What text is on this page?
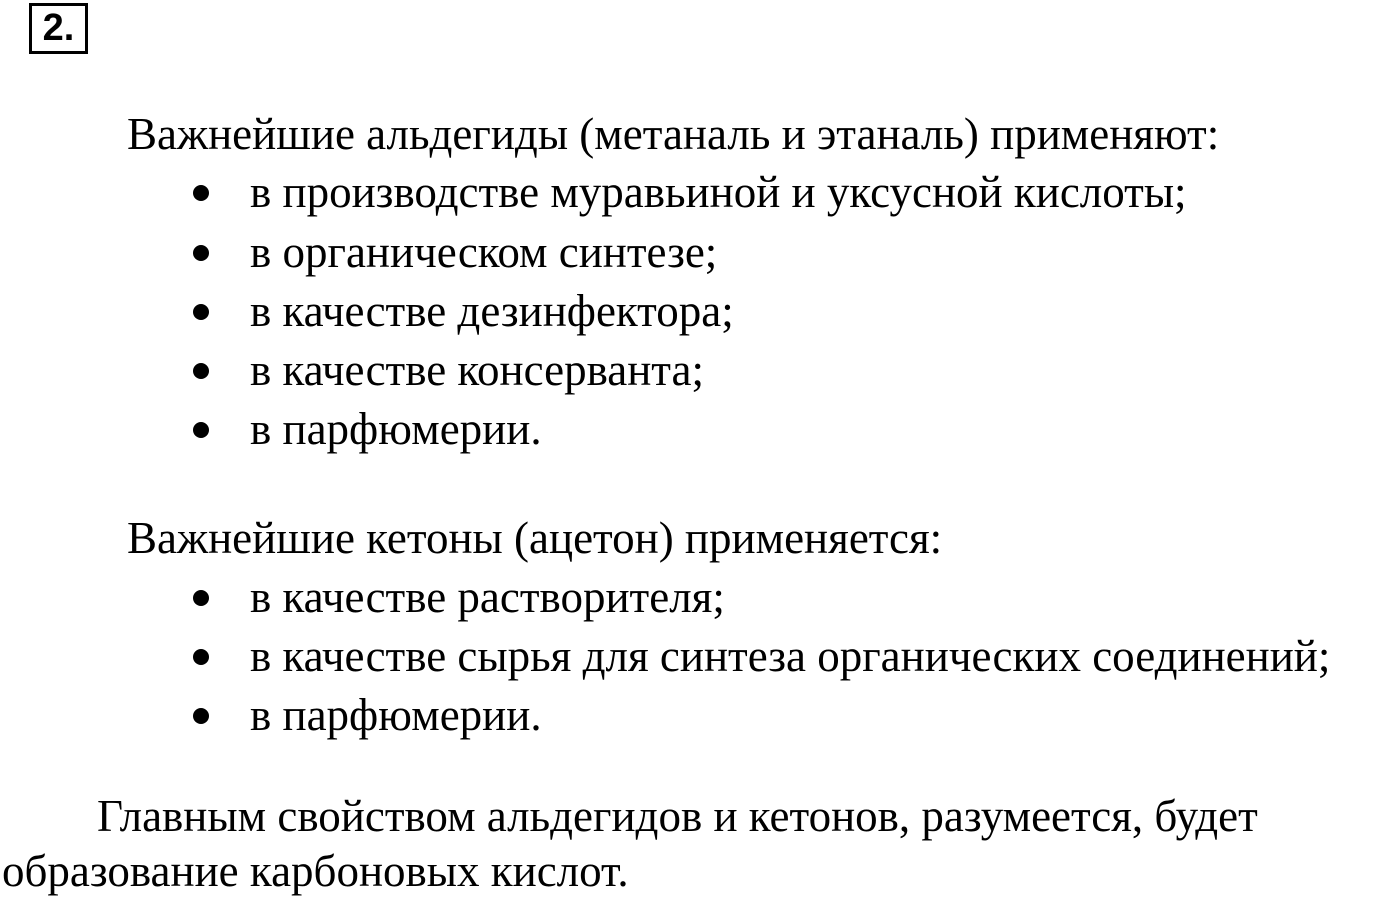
2.
Важнейшие альдегиды (метаналь и этаналь) применяют:
в производстве муравьиной и уксусной кислоты;
в органическом синтезе;
в качестве дезинфектора;
в качестве консерванта;
в парфюмерии.
Важнейшие кетоны (ацетон) применяется:
в качестве растворителя;
в качестве сырья для синтеза органических соединений;
в парфюмерии.
Главным свойством альдегидов и кетонов, разумеется, будет
образование карбоновых кислот.
